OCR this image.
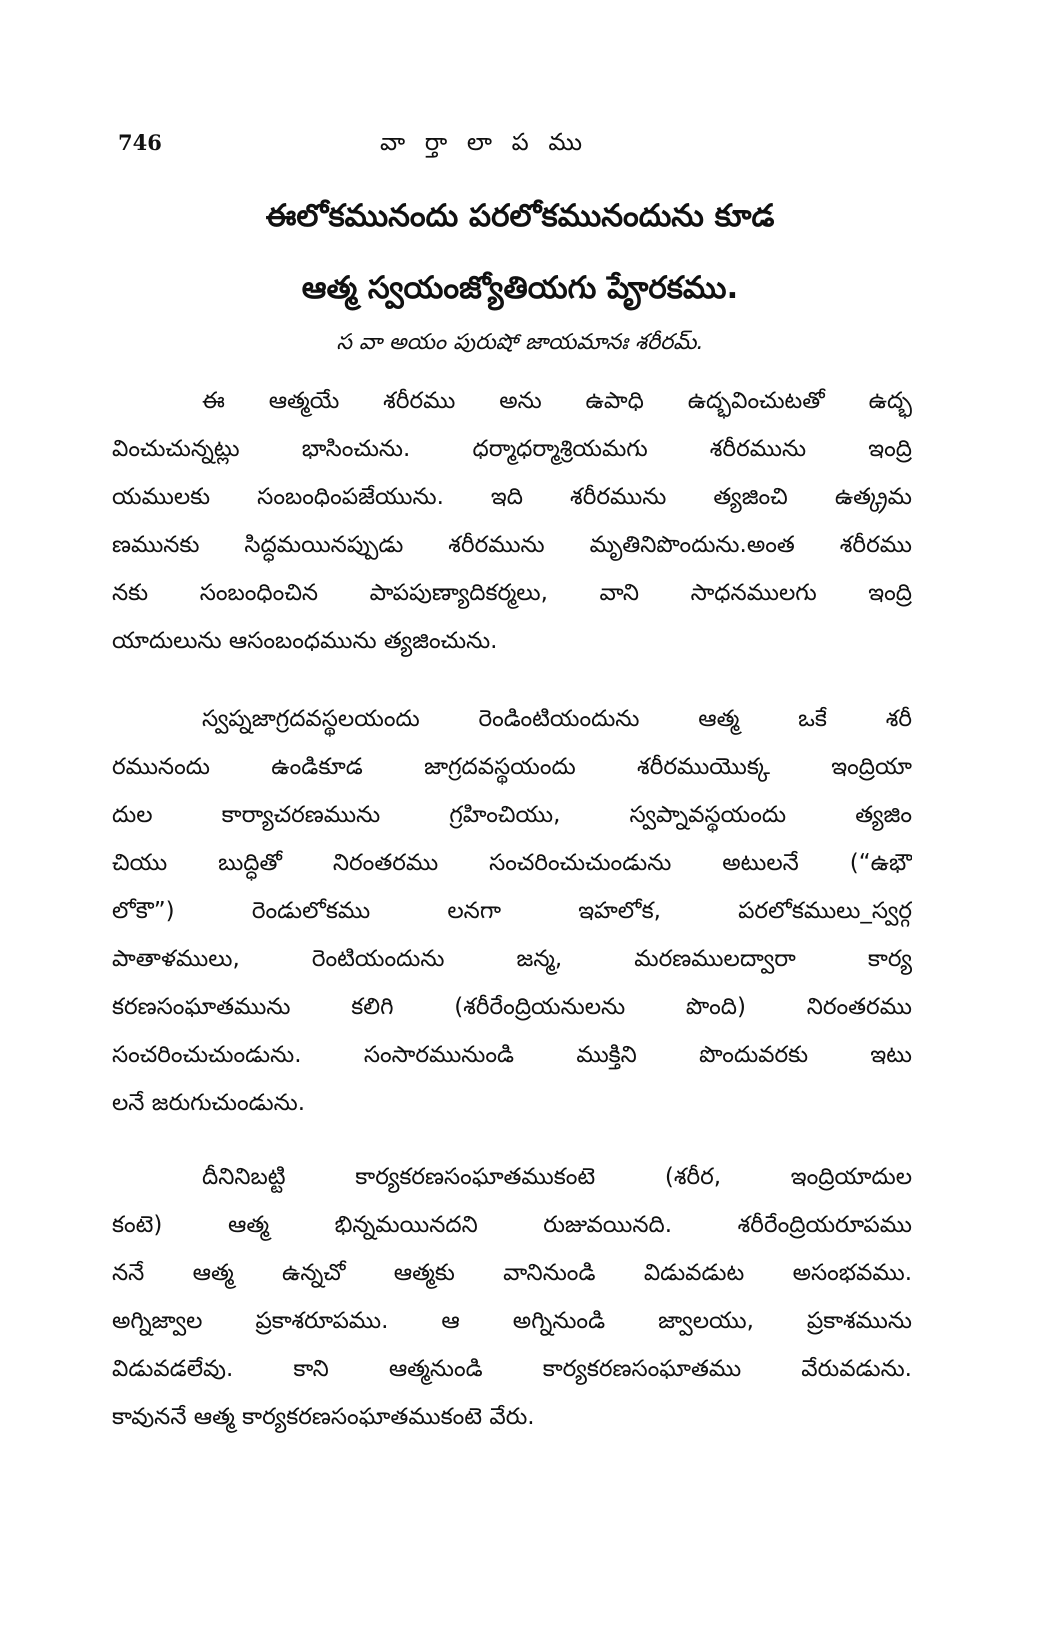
746	వా ర్తా లా ప ము
ఈలోకమునందు పరలోకమునందును కూడ
ఆత్మ స్వయంజ్యోతియగు పేౄరకము.
స వా అయం పురుషో జాయమానః శరీరమ్.
ఈ ఆత్మయే శరీరము అను ఉపాధి ఉద్భవించుటతో ఉద్భ
వించుచున్నట్లు భాసించును. ధర్మాధర్మాశ్రియమగు శరీరమును ఇంద్రి
యములకు సంబంధింపజేయును. ఇది శరీరమును త్యజించి ఉత్క్రమ
ణమునకు సిద్ధమయినప్పుడు శరీరమును మృతినిపొందును.అంత శరీరము
నకు సంబంధించిన పాపపుణ్యాదికర్మలు, వాని సాధనములగు ఇంద్రి
యాదులును ఆసంబంధమును త్యజించును.
స్వప్నజాగ్రదవస్థలయందు రెండింటియందును ఆత్మ ఒకే శరీ
రమునందు ఉండికూడ జాగ్రదవస్థయందు శరీరముయొక్క ఇంద్రియా
దుల కార్యాచరణమును గ్రహించియు, స్వప్నావస్థయందు త్యజిం
చియు బుద్ధితో నిరంతరము సంచరించుచుండును అటులనే (“ఉభౌ
లోకౌ”) రెండులోకము లనగా ఇహలోక, పరలోకములు_స్వర్గ
పాతాళములు, రెంటియందును జన్మ, మరణములద్వారా కార్య
కరణసంఘాతమును కలిగి (శరీరేంద్రియనులను పొంది) నిరంతరము
సంచరించుచుండును. సంసారమునుండి ముక్తిని పొందువరకు ఇటు
లనే జరుగుచుండును.
దీనినిబట్టి కార్యకరణసంఘాతముకంటె (శరీర, ఇంద్రియాదుల
కంటె) ఆత్మ భిన్నమయినదని రుజువయినది. శరీరేంద్రియరూపము
ననే ఆత్మ ఉన్నచో ఆత్మకు వానినుండి విడువడుట అసంభవము.
అగ్నిజ్వాల ప్రకాశరూపము. ఆ అగ్నినుండి జ్వాలయు, ప్రకాశమును
విడువడలేవు. కాని ఆత్మనుండి కార్యకరణసంఘాతము వేరువడును.
కావుననే ఆత్మ కార్యకరణసంఘాతముకంటె వేరు.
